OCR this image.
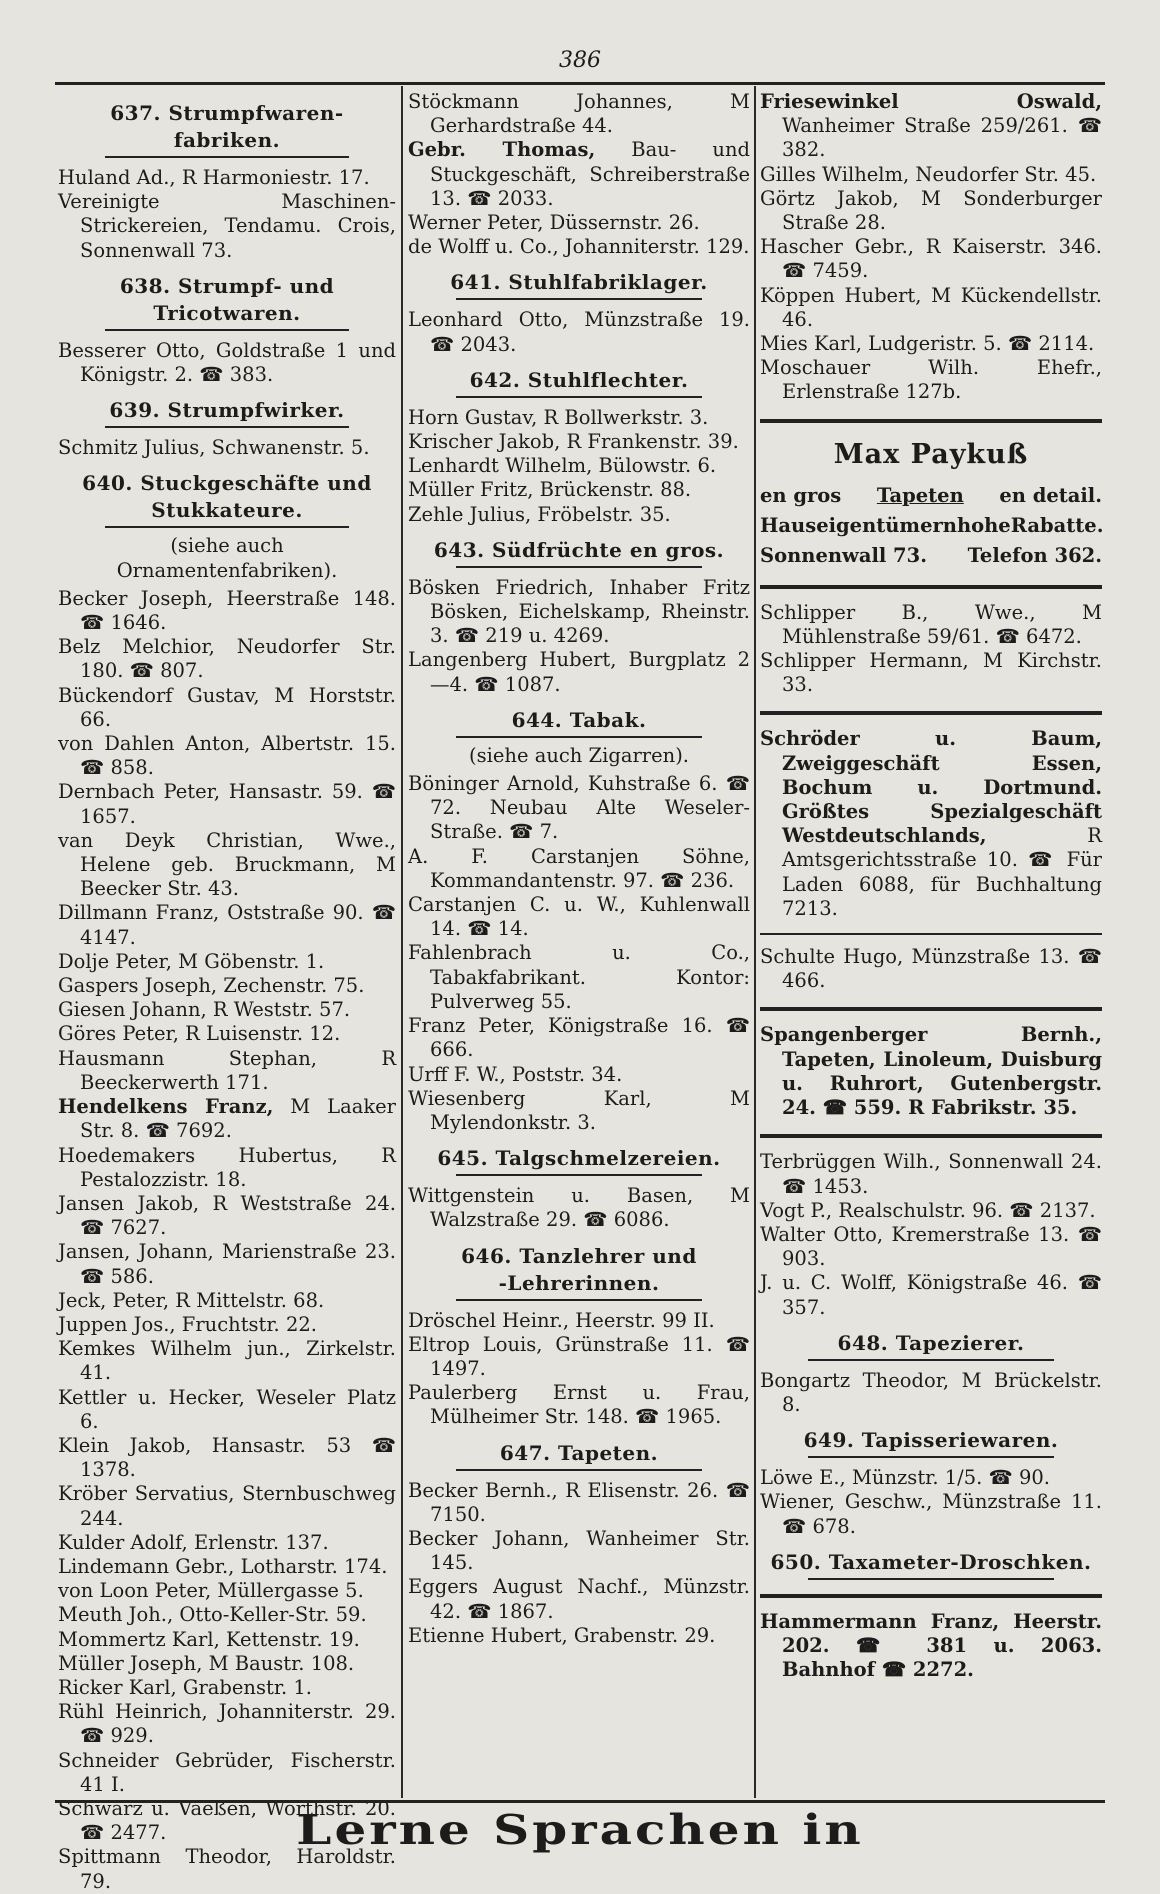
386
637. Strumpfwaren-
fabriken.

Huland Ad., R Harmoniestr. 17.

Vereinigte Maschinen-Strickereien, Tendamu. Crois, Sonnenwall 73.

638. Strumpf- und
Tricotwaren.

Besserer Otto, Goldstraße 1 und Königstr. 2. ☎ 383.

639. Strumpfwirker.

Schmitz Julius, Schwanenstr. 5.

640. Stuckgeschäfte und
Stukkateure.
(siehe auch Ornamentenfabriken).

Becker Joseph, Heerstraße 148. ☎ 1646.

Belz Melchior, Neudorfer Str. 180. ☎ 807.

Bückendorf Gustav, M Horststr. 66.

von Dahlen Anton, Albertstr. 15. ☎ 858.

Dernbach Peter, Hansastr. 59. ☎ 1657.

van Deyk Christian, Wwe., Helene geb. Bruckmann, M Beecker Str. 43.

Dillmann Franz, Oststraße 90. ☎ 4147.

Dolje Peter, M Göbenstr. 1.

Gaspers Joseph, Zechenstr. 75.

Giesen Johann, R Weststr. 57.

Göres Peter, R Luisenstr. 12.

Hausmann Stephan, R Beeckerwerth 171.

Hendelkens Franz, M Laaker Str. 8. ☎ 7692.

Hoedemakers Hubertus, R Pestalozzistr. 18.

Jansen Jakob, R Weststraße 24. ☎ 7627.

Jansen, Johann, Marienstraße 23. ☎ 586.

Jeck, Peter, R Mittelstr. 68.

Juppen Jos., Fruchtstr. 22.

Kemkes Wilhelm jun., Zirkelstr. 41.

Kettler u. Hecker, Weseler Platz 6.

Klein Jakob, Hansastr. 53 ☎ 1378.

Kröber Servatius, Sternbuschweg 244.

Kulder Adolf, Erlenstr. 137.

Lindemann Gebr., Lotharstr. 174.

von Loon Peter, Müllergasse 5.

Meuth Joh., Otto-Keller-Str. 59.

Mommertz Karl, Kettenstr. 19.

Müller Joseph, M Baustr. 108.

Ricker Karl, Grabenstr. 1.

Rühl Heinrich, Johanniterstr. 29. ☎ 929.

Schneider Gebrüder, Fischerstr. 41 I.

Schwarz u. Vaeßen, Wörthstr. 20. ☎ 2477.

Spittmann Theodor, Haroldstr. 79.

Stöckmann Johannes, M Gerhardstraße 44.

Gebr. Thomas, Bau- und Stuckgeschäft, Schreiberstraße 13. ☎ 2033.

Werner Peter, Düssernstr. 26.

de Wolff u. Co., Johanniterstr. 129.

641. Stuhlfabriklager.

Leonhard Otto, Münzstraße 19. ☎ 2043.

642. Stuhlflechter.

Horn Gustav, R Bollwerkstr. 3.

Krischer Jakob, R Frankenstr. 39.

Lenhardt Wilhelm, Bülowstr. 6.

Müller Fritz, Brückenstr. 88.

Zehle Julius, Fröbelstr. 35.

643. Südfrüchte en gros.

Bösken Friedrich, Inhaber Fritz Bösken, Eichelskamp, Rheinstr. 3. ☎ 219 u. 4269.

Langenberg Hubert, Burgplatz 2—4. ☎ 1087.

644. Tabak.
(siehe auch Zigarren).

Böninger Arnold, Kuhstraße 6. ☎ 72. Neubau Alte Weseler-Straße. ☎ 7.

A. F. Carstanjen Söhne, Kommandantenstr. 97. ☎ 236.

Carstanjen C. u. W., Kuhlenwall 14. ☎ 14.

Fahlenbrach u. Co., Tabakfabrikant. Kontor: Pulverweg 55.

Franz Peter, Königstraße 16. ☎ 666.

Urff F. W., Poststr. 34.

Wiesenberg Karl, M Mylendonkstr. 3.

645. Talgschmelzereien.

Wittgenstein u. Basen, M Walzstraße 29. ☎ 6086.

646. Tanzlehrer und
-Lehrerinnen.

Dröschel Heinr., Heerstr. 99 II.

Eltrop Louis, Grünstraße 11. ☎ 1497.

Paulerberg Ernst u. Frau, Mülheimer Str. 148. ☎ 1965.

647. Tapeten.

Becker Bernh., R Elisenstr. 26. ☎ 7150.

Becker Johann, Wanheimer Str. 145.

Eggers August Nachf., Münzstr. 42. ☎ 1867.

Etienne Hubert, Grabenstr. 29.

Friesewinkel Oswald, Wanheimer Straße 259/261. ☎ 382.

Gilles Wilhelm, Neudorfer Str. 45.

Görtz Jakob, M Sonderburger Straße 28.

Hascher Gebr., R Kaiserstr. 346. ☎ 7459.

Köppen Hubert, M Kückendellstr. 46.

Mies Karl, Ludgeristr. 5. ☎ 2114.

Moschauer Wilh. Ehefr., Erlenstraße 127b.

Max Paykuß
en gros Tapeten en detail.
Hauseigentümern hohe Rabatte.
Sonnenwall 73. Telefon 362.

Schlipper B., Wwe., M Mühlenstraße 59/61. ☎ 6472.

Schlipper Hermann, M Kirchstr. 33.

Schröder u. Baum, Zweiggeschäft Essen, Bochum u. Dortmund. Größtes Spezialgeschäft Westdeutschlands, R Amtsgerichtsstraße 10. ☎ Für Laden 6088, für Buchhaltung 7213.

Schulte Hugo, Münzstraße 13. ☎ 466.

Spangenberger Bernh., Tapeten, Linoleum, Duisburg u. Ruhrort, Gutenbergstr. 24. ☎ 559. R Fabrikstr. 35.

Terbrüggen Wilh., Sonnenwall 24. ☎ 1453.

Vogt P., Realschulstr. 96. ☎ 2137.

Walter Otto, Kremerstraße 13. ☎ 903.

J. u. C. Wolff, Königstraße 46. ☎ 357.

648. Tapezierer.

Bongartz Theodor, M Brückelstr. 8.

649. Tapisseriewaren.

Löwe E., Münzstr. 1/5. ☎ 90.

Wiener, Geschw., Münzstraße 11. ☎ 678.

650. Taxameter-Droschken.

Hammermann Franz, Heerstr. 202. ☎ 381 u. 2063. Bahnhof ☎ 2272.

Lerne Sprachen in
